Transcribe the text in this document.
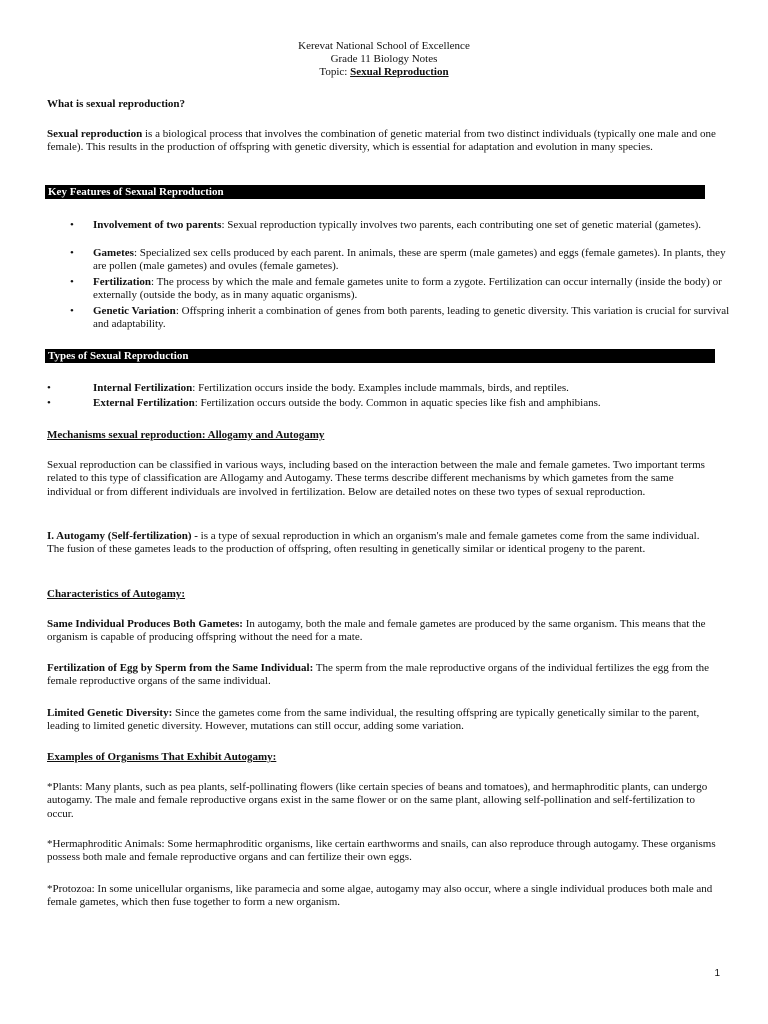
Kerevat National School of Excellence
Grade 11 Biology Notes
Topic: Sexual Reproduction
What is sexual reproduction?
Sexual reproduction is a biological process that involves the combination of genetic material from two distinct individuals (typically one male and one female). This results in the production of offspring with genetic diversity, which is essential for adaptation and evolution in many species.
Key Features of Sexual Reproduction
• Involvement of two parents: Sexual reproduction typically involves two parents, each contributing one set of genetic material (gametes).
• Gametes: Specialized sex cells produced by each parent. In animals, these are sperm (male gametes) and eggs (female gametes). In plants, they are pollen (male gametes) and ovules (female gametes).
• Fertilization: The process by which the male and female gametes unite to form a zygote. Fertilization can occur internally (inside the body) or externally (outside the body, as in many aquatic organisms).
• Genetic Variation: Offspring inherit a combination of genes from both parents, leading to genetic diversity. This variation is crucial for survival and adaptability.
Types of Sexual Reproduction
•	Internal Fertilization: Fertilization occurs inside the body. Examples include mammals, birds, and reptiles.
•	External Fertilization: Fertilization occurs outside the body. Common in aquatic species like fish and amphibians.
Mechanisms sexual reproduction: Allogamy and Autogamy
Sexual reproduction can be classified in various ways, including based on the interaction between the male and female gametes. Two important terms related to this type of classification are Allogamy and Autogamy. These terms describe different mechanisms by which gametes from the same individual or from different individuals are involved in fertilization. Below are detailed notes on these two types of sexual reproduction.
I. Autogamy (Self-fertilization) - is a type of sexual reproduction in which an organism's male and female gametes come from the same individual. The fusion of these gametes leads to the production of offspring, often resulting in genetically similar or identical progeny to the parent.
Characteristics of Autogamy:
Same Individual Produces Both Gametes: In autogamy, both the male and female gametes are produced by the same organism. This means that the organism is capable of producing offspring without the need for a mate.
Fertilization of Egg by Sperm from the Same Individual: The sperm from the male reproductive organs of the individual fertilizes the egg from the female reproductive organs of the same individual.
Limited Genetic Diversity: Since the gametes come from the same individual, the resulting offspring are typically genetically similar to the parent, leading to limited genetic diversity. However, mutations can still occur, adding some variation.
Examples of Organisms That Exhibit Autogamy:
*Plants: Many plants, such as pea plants, self-pollinating flowers (like certain species of beans and tomatoes), and hermaphroditic plants, can undergo autogamy. The male and female reproductive organs exist in the same flower or on the same plant, allowing self-pollination and self-fertilization to occur.
*Hermaphroditic Animals: Some hermaphroditic organisms, like certain earthworms and snails, can also reproduce through autogamy. These organisms possess both male and female reproductive organs and can fertilize their own eggs.
*Protozoa: In some unicellular organisms, like paramecia and some algae, autogamy may also occur, where a single individual produces both male and female gametes, which then fuse together to form a new organism.
1
